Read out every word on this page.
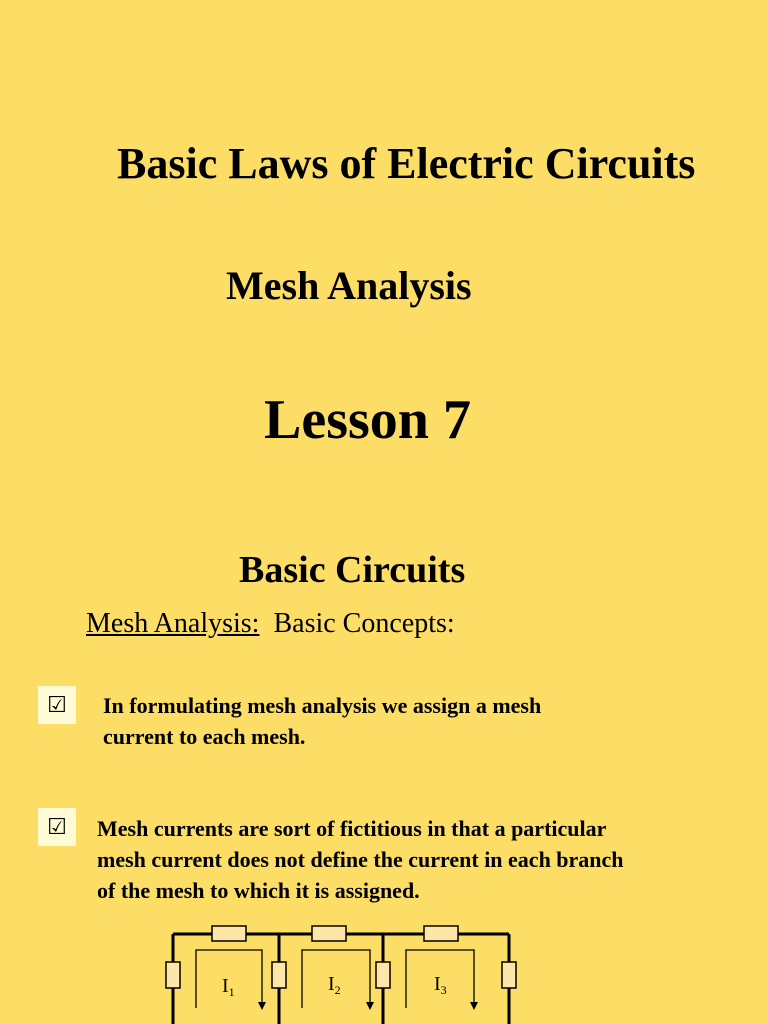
Basic Laws of Electric Circuits
Mesh Analysis
Lesson 7
Basic Circuits
Mesh Analysis: Basic Concepts:
☑	In formulating mesh analysis we assign a mesh
current to each mesh.
☑	Mesh currents are sort of fictitious in that a particular
mesh current does not define the current in each branch
of the mesh to which it is assigned.
$I_1$	$I_2$	$I_3$
